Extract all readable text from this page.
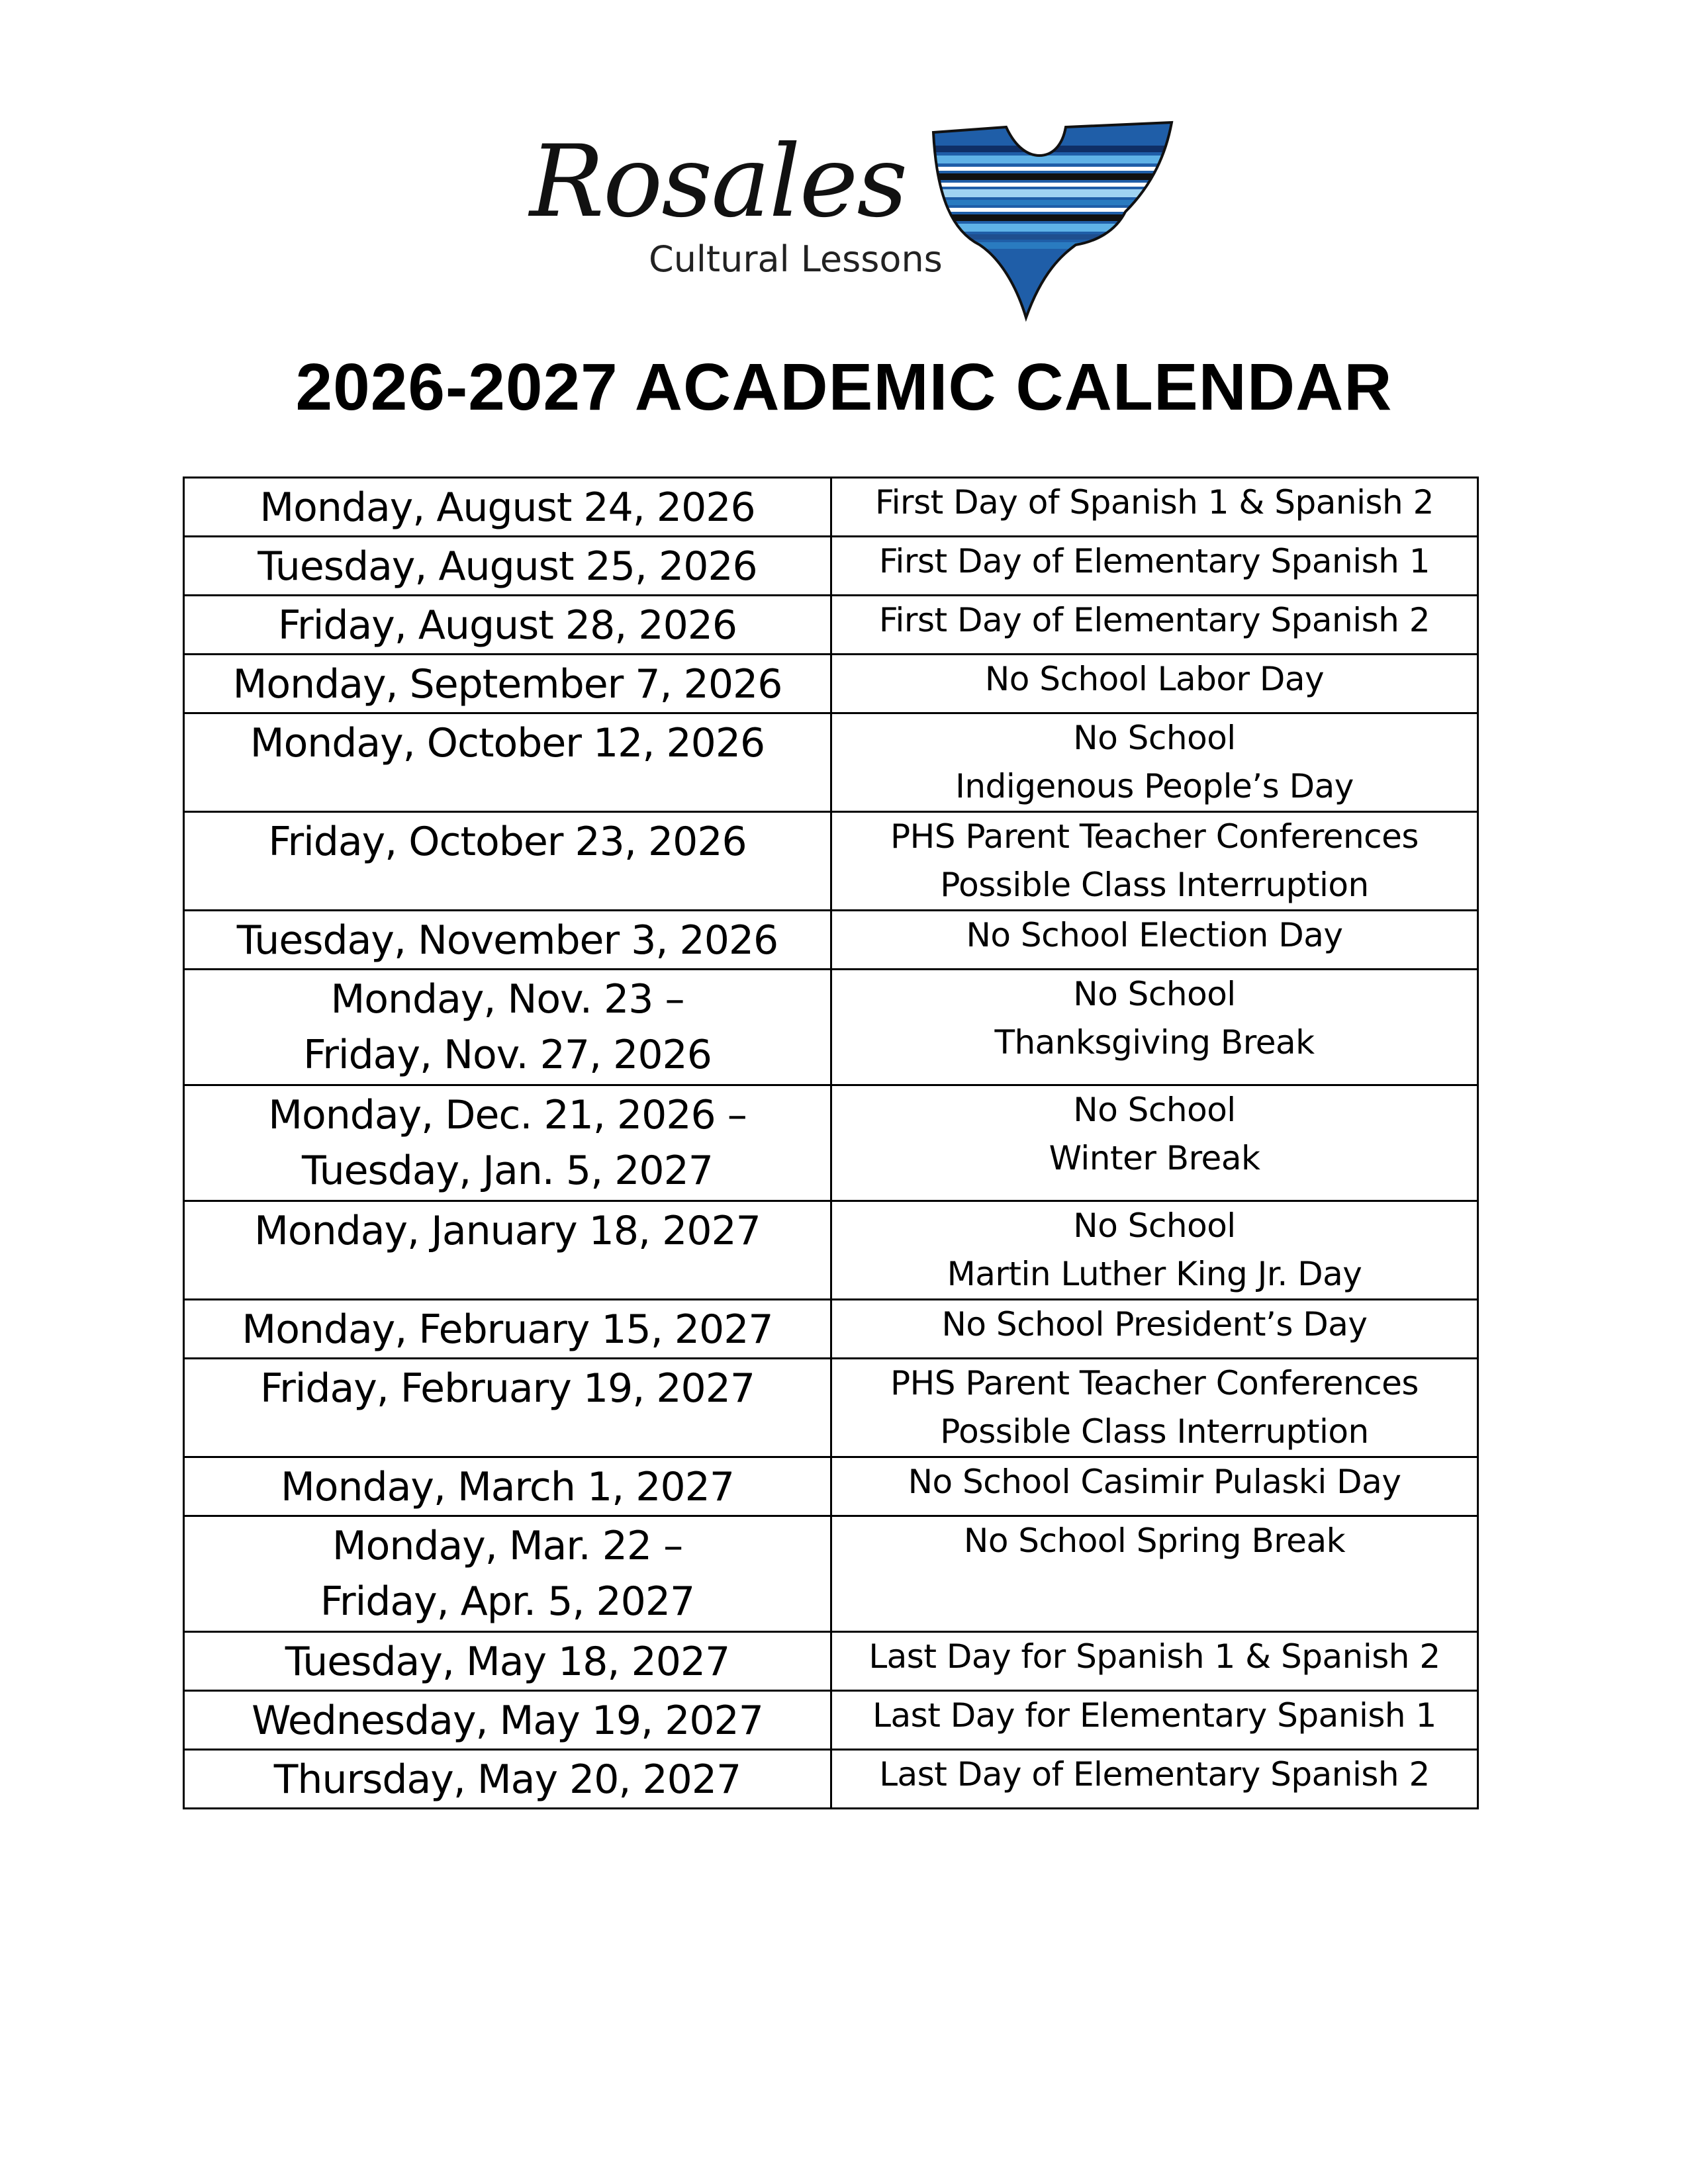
Rosales
Cultural Lessons
2026-2027 ACADEMIC CALENDAR
Monday, August 24, 2026	First Day of Spanish 1 & Spanish 2

Tuesday, August 25, 2026	First Day of Elementary Spanish 1

Friday, August 28, 2026	First Day of Elementary Spanish 2

Monday, September 7, 2026	No School Labor Day

Monday, October 12, 2026	No School
Indigenous People’s Day

Friday, October 23, 2026	PHS Parent Teacher Conferences
Possible Class Interruption

Tuesday, November 3, 2026	No School Election Day

Monday, Nov. 23 –
Friday, Nov. 27, 2026	No School
Thanksgiving Break

Monday, Dec. 21, 2026 –
Tuesday, Jan. 5, 2027	No School
Winter Break

Monday, January 18, 2027	No School
Martin Luther King Jr. Day

Monday, February 15, 2027	No School President’s Day

Friday, February 19, 2027	PHS Parent Teacher Conferences
Possible Class Interruption

Monday, March 1, 2027	No School Casimir Pulaski Day

Monday, Mar. 22 –
Friday, Apr. 5, 2027	No School Spring Break

Tuesday, May 18, 2027	Last Day for Spanish 1 & Spanish 2

Wednesday, May 19, 2027	Last Day for Elementary Spanish 1

Thursday, May 20, 2027	Last Day of Elementary Spanish 2
